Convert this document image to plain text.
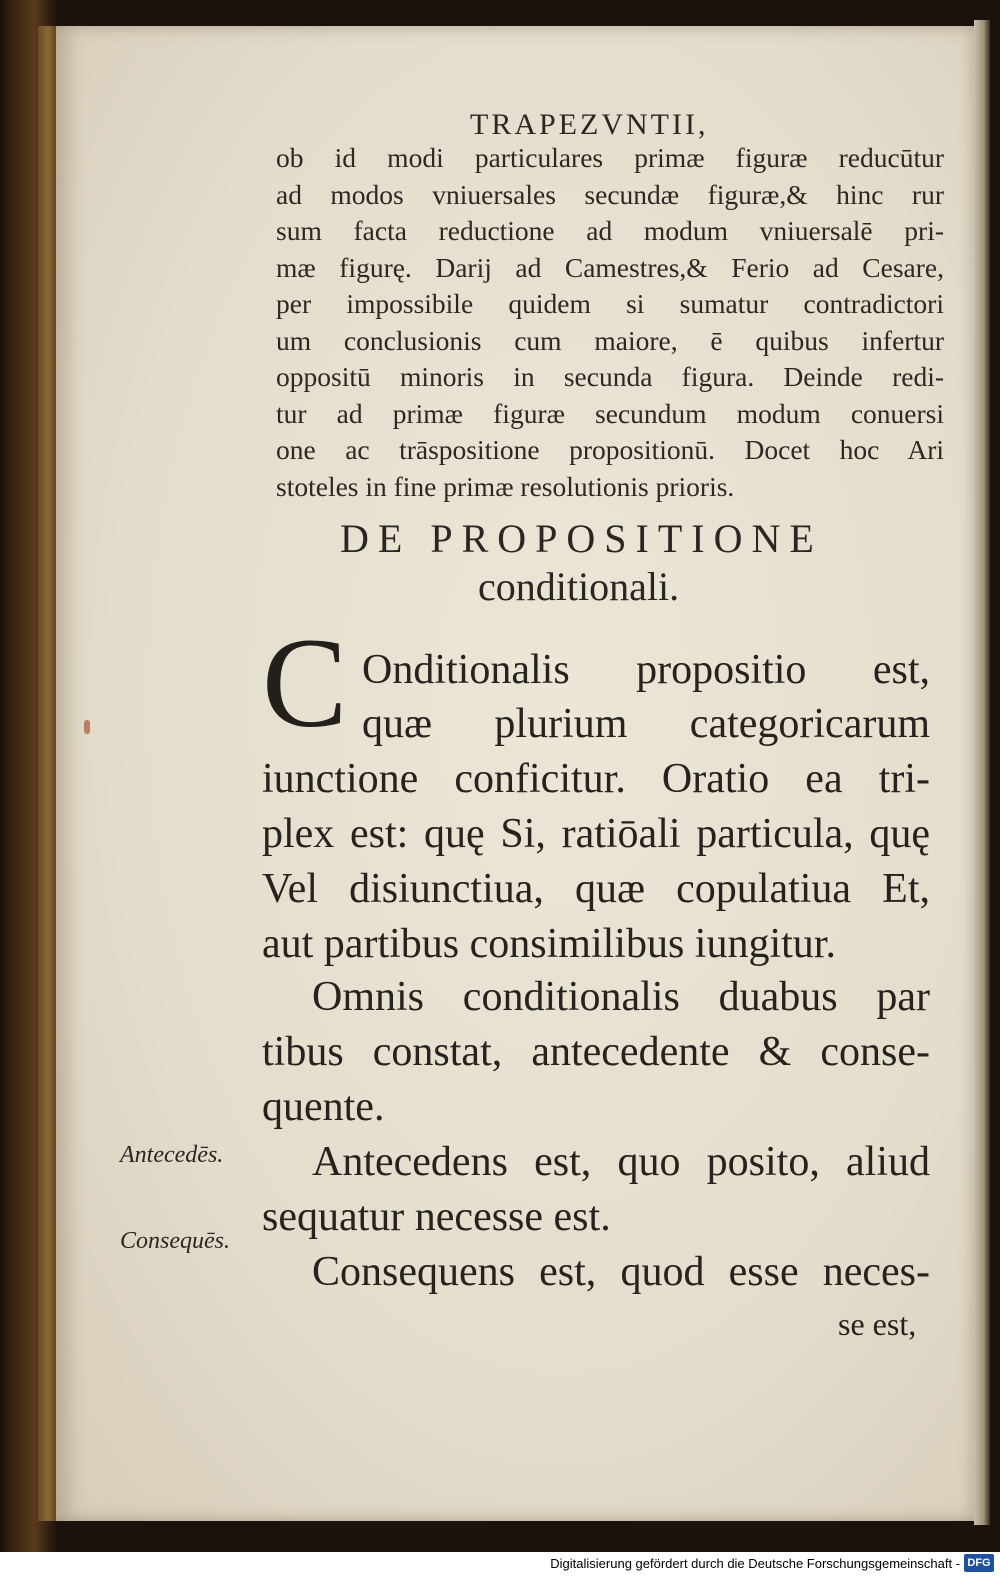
TRAPEZVNTII,
ob id modi particulares primæ figuræ reducūtur
ad modos vniuersales secundæ figuræ,& hinc rur
sum facta reductione ad modum vniuersalē pri-
mæ figurę. Darij ad Camestres,& Ferio ad Cesare,
per impossibile quidem si sumatur contradictori
um conclusionis cum maiore, ē quibus infertur
oppositū minoris in secunda figura. Deinde redi-
tur ad primæ figuræ secundum modum conuersi
one ac trāspositione propositionū. Docet hoc Ari
stoteles in fine primæ resolutionis prioris.
DE PROPOSITIONE
conditionali.
C Onditionalis propositio est,
quæ plurium categoricarum
iunctione conficitur. Oratio ea tri-
plex est: quę Si, ratiōali particula, quę
Vel disiunctiua, quæ copulatiua Et,
aut partibus consimilibus iungitur.
Omnis conditionalis duabus par
tibus constat, antecedente & conse-
quente.
Antecedens est, quo posito, aliud
sequatur necesse est.
Consequens est, quod esse neces-
se est,
Antecedēs.
Consequēs.
Digitalisierung gefördert durch die Deutsche Forschungsgemeinschaft - DFG
